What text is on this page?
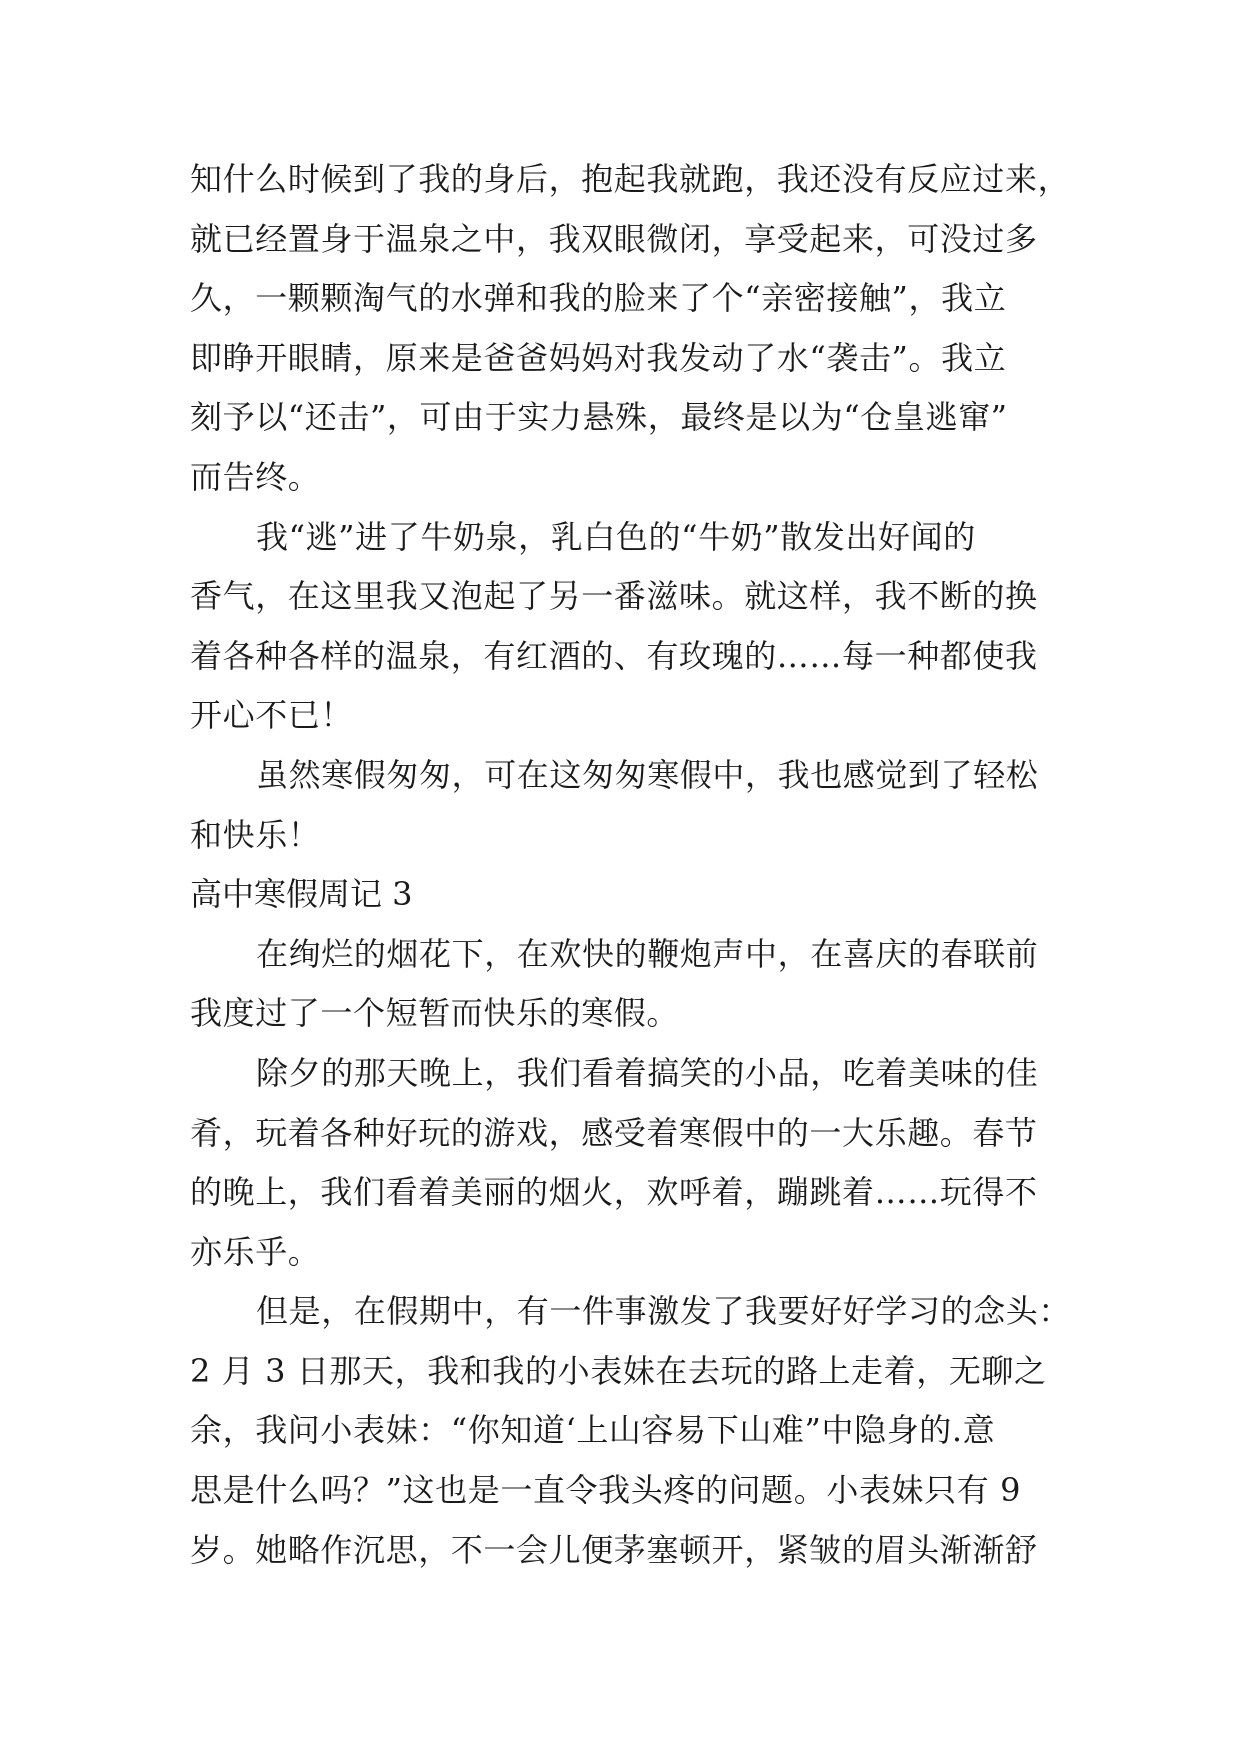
知什么时候到了我的身后，抱起我就跑，我还没有反应过来，
就已经置身于温泉之中，我双眼微闭，享受起来，可没过多
久，一颗颗淘气的水弹和我的脸来了个“亲密接触”，我立
即睁开眼睛，原来是爸爸妈妈对我发动了水“袭击”。我立
刻予以“还击”，可由于实力悬殊，最终是以为“仓皇逃窜”
而告终。
我“逃”进了牛奶泉，乳白色的“牛奶”散发出好闻的
香气，在这里我又泡起了另一番滋味。就这样，我不断的换
着各种各样的温泉，有红酒的、有玫瑰的……每一种都使我
开心不已！
虽然寒假匆匆，可在这匆匆寒假中，我也感觉到了轻松
和快乐！
高中寒假周记 3
在绚烂的烟花下，在欢快的鞭炮声中，在喜庆的春联前
我度过了一个短暂而快乐的寒假。
除夕的那天晚上，我们看着搞笑的小品，吃着美味的佳
肴，玩着各种好玩的游戏，感受着寒假中的一大乐趣。春节
的晚上，我们看着美丽的烟火，欢呼着，蹦跳着……玩得不
亦乐乎。
但是，在假期中，有一件事激发了我要好好学习的念头：
2 月 3 日那天，我和我的小表妹在去玩的路上走着，无聊之
余，我问小表妹：“你知道‘上山容易下山难”中隐身的.意
思是什么吗？”这也是一直令我头疼的问题。小表妹只有 9
岁。她略作沉思，不一会儿便茅塞顿开，紧皱的眉头渐渐舒
